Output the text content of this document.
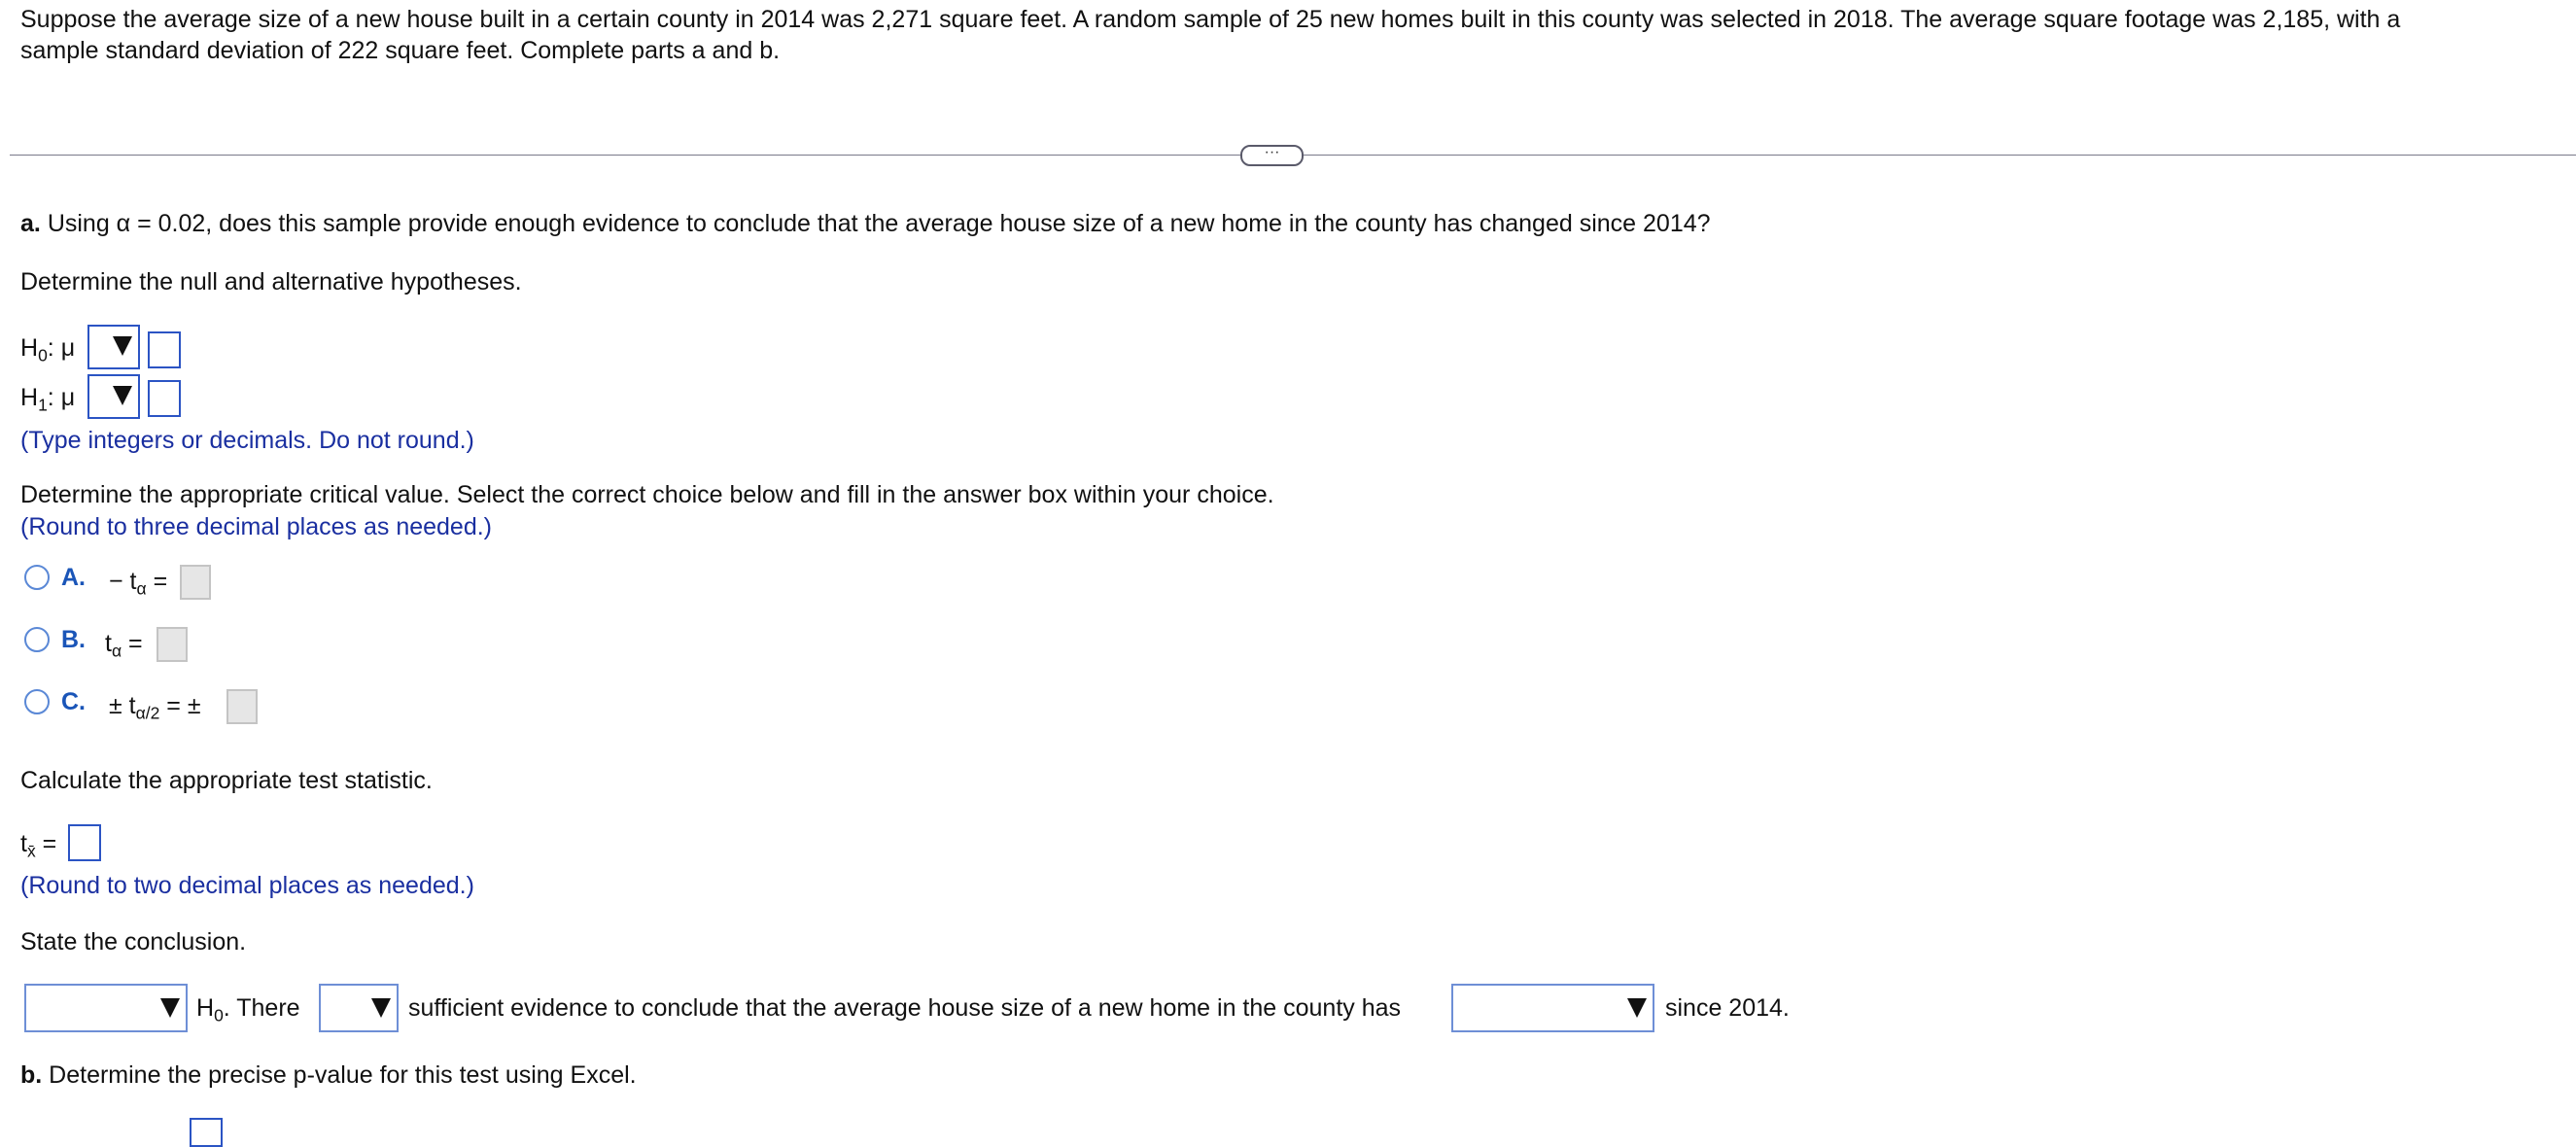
Suppose the average size of a new house built in a certain county in 2014 was 2,271 square feet. A random sample of 25 new homes built in this county was selected in 2018. The average square footage was 2,185, with a
sample standard deviation of 222 square feet. Complete parts a and b.
···
a. Using α = 0.02, does this sample provide enough evidence to conclude that the average house size of a new home in the county has changed since 2014?
Determine the null and alternative hypotheses.
$H_0$: μ
$H_1$: μ
(Type integers or decimals. Do not round.)
Determine the appropriate critical value. Select the correct choice below and fill in the answer box within your choice.
(Round to three decimal places as needed.)
A. − $t_\alpha$ =
B. $t_\alpha$ =
C. ± $t_{\alpha/2}$ = ±
Calculate the appropriate test statistic.
$t_{x̄}$ =
(Round to two decimal places as needed.)
State the conclusion.
$H_0$. There	sufficient evidence to conclude that the average house size of a new home in the county has	since 2014.
b. Determine the precise p-value for this test using Excel.
